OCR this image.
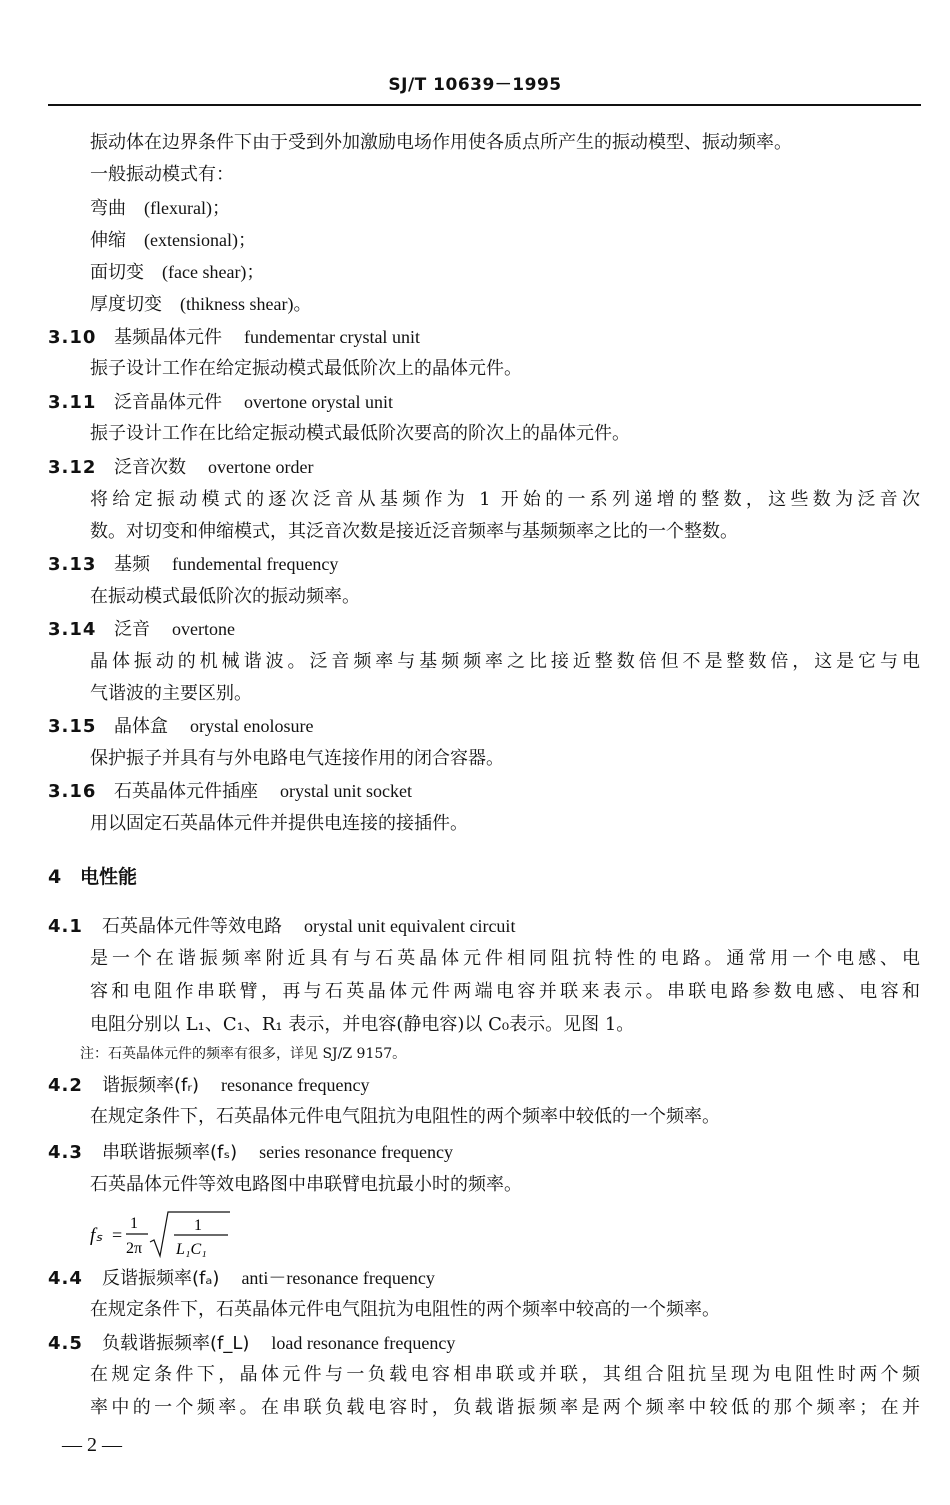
SJ/T 10639－1995
振动体在边界条件下由于受到外加激励电场作用使各质点所产生的振动模型、振动频率。
一般振动模式有：
弯曲 (flexural)；
伸缩 (extensional)；
面切变 (face shear)；
厚度切变 (thikness shear)。
3.10 基频晶体元件 fundementar crystal unit
振子设计工作在给定振动模式最低阶次上的晶体元件。
3.11 泛音晶体元件 overtone orystal unit
振子设计工作在比给定振动模式最低阶次要高的阶次上的晶体元件。
3.12 泛音次数 overtone order
将给定振动模式的逐次泛音从基频作为 1 开始的一系列递增的整数，这些数为泛音次
数。对切变和伸缩模式，其泛音次数是接近泛音频率与基频频率之比的一个整数。
3.13 基频 fundemental frequency
在振动模式最低阶次的振动频率。
3.14 泛音 overtone
晶体振动的机械谐波。泛音频率与基频频率之比接近整数倍但不是整数倍，这是它与电
气谐波的主要区别。
3.15 晶体盒 orystal enolosure
保护振子并具有与外电路电气连接作用的闭合容器。
3.16 石英晶体元件插座 orystal unit socket
用以固定石英晶体元件并提供电连接的接插件。
4 电性能
4.1 石英晶体元件等效电路 orystal unit equivalent circuit
是一个在谐振频率附近具有与石英晶体元件相同阻抗特性的电路。通常用一个电感、电
容和电阻作串联臂，再与石英晶体元件两端电容并联来表示。串联电路参数电感、电容和
电阻分别以 L₁、C₁、R₁ 表示，并电容(静电容)以 C₀表示。见图 1。
注：石英晶体元件的频率有很多，详见 SJ/Z 9157。
4.2 谐振频率(fᵣ) resonance frequency
在规定条件下，石英晶体元件电气阻抗为电阻性的两个频率中较低的一个频率。
4.3 串联谐振频率(fₛ) series resonance frequency
石英晶体元件等效电路图中串联臂电抗最小时的频率。
fₛ =
1
2π
1
L₁C₁
4.4 反谐振频率(fₐ) anti－resonance frequency
在规定条件下，石英晶体元件电气阻抗为电阻性的两个频率中较高的一个频率。
4.5 负载谐振频率(f_L) load resonance frequency
在规定条件下，晶体元件与一负载电容相串联或并联，其组合阻抗呈现为电阻性时两个频
率中的一个频率。在串联负载电容时，负载谐振频率是两个频率中较低的那个频率；在并
— 2 —
